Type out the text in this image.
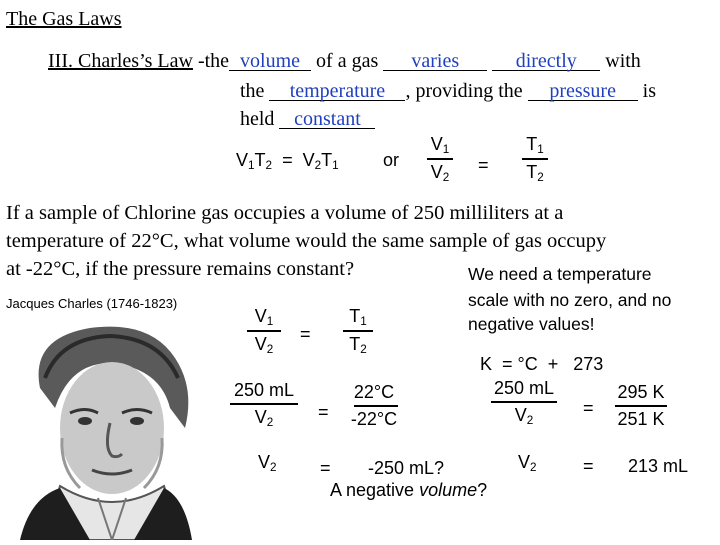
The Gas Laws
III. Charles’s Law -the volume of a gas varies	directly with
the temperature , providing the pressure is
held constant
$V_1T_2 = V_2T_1$ or
$V_1$
$V_2$
=
$T_1$
$T_2$
If a sample of Chlorine gas occupies a volume of 250 milliliters at a
temperature of 22°C, what volume would the same sample of gas occupy
at -22°C, if the pressure remains constant?	We need a temperature
scale with no zero, and no
negative values!
Jacques Charles (1746-1823)
$V_1$
$V_2$
=
$T_1$
$T_2$
250 mL
$V_2$
=
22°C
-22°C
$V_2 = -250$ mL?
A negative volume?
K  = °C  +   273
250 mL
$V_2$
=
295 K
251 K
$V_2$	= 213 mL
